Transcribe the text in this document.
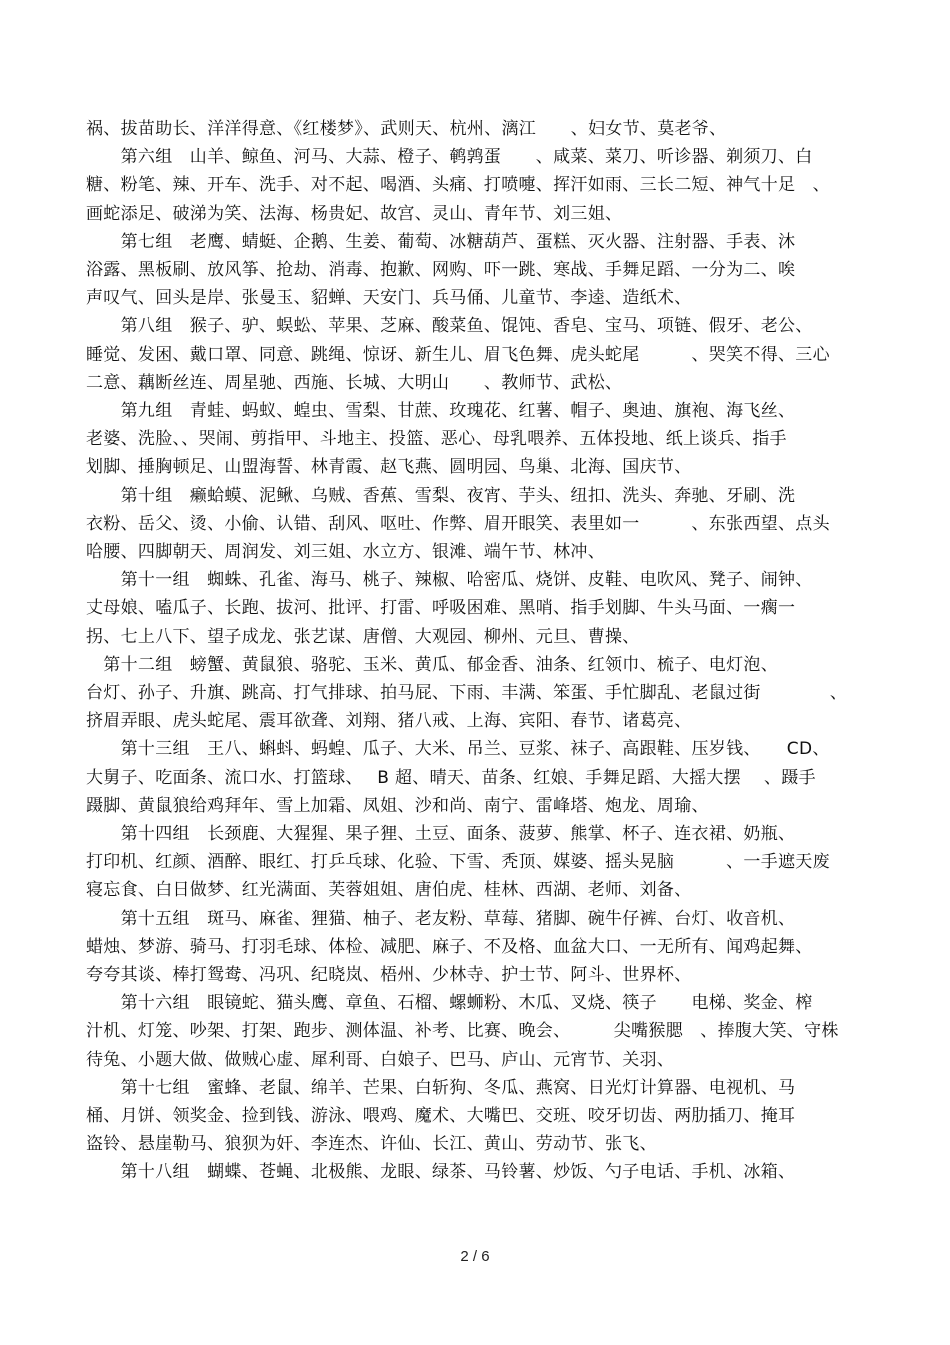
祸、拔苗助长、洋洋得意、《红楼梦》、武则天、杭州、漓江　　、妇女节、莫老爷、
　　第六组　山羊、鲸鱼、河马、大蒜、橙子、鹌鹑蛋　　、咸菜、菜刀、听诊器、剃须刀、白
糖、粉笔、辣、开车、洗手、对不起、喝酒、头痛、打喷嚏、挥汗如雨、三长二短、神气十足　、
画蛇添足、破涕为笑、法海、杨贵妃、故宫、灵山、青年节、刘三姐、
　　第七组　老鹰、蜻蜓、企鹅、生姜、葡萄、冰糖葫芦、蛋糕、灭火器、注射器、手表、沐
浴露、黑板刷、放风筝、抢劫、消毒、抱歉、网购、吓一跳、寒战、手舞足蹈、一分为二、唉
声叹气、回头是岸、张曼玉、貂蝉、天安门、兵马俑、儿童节、李逵、造纸术、
　　第八组　猴子、驴、蜈蚣、苹果、芝麻、酸菜鱼、馄饨、香皂、宝马、项链、假牙、老公、
睡觉、发困、戴口罩、同意、跳绳、惊讶、新生儿、眉飞色舞、虎头蛇尾　　　、哭笑不得、三心
二意、藕断丝连、周星驰、西施、长城、大明山　　、教师节、武松、
　　第九组　青蛙、蚂蚁、蝗虫、雪梨、甘蔗、玫瑰花、红薯、帽子、奥迪、旗袍、海飞丝、
老婆、洗脸、、哭闹、剪指甲、斗地主、投篮、恶心、母乳喂养、五体投地、纸上谈兵、指手
划脚、捶胸顿足、山盟海誓、林青霞、赵飞燕、圆明园、鸟巢、北海、国庆节、
　　第十组　癞蛤蟆、泥鳅、乌贼、香蕉、雪梨、夜宵、芋头、纽扣、洗头、奔驰、牙刷、洗
衣粉、岳父、烫、小偷、认错、刮风、呕吐、作弊、眉开眼笑、表里如一　　　、东张西望、点头
哈腰、四脚朝天、周润发、刘三姐、水立方、银滩、端午节、林冲、
　　第十一组　蜘蛛、孔雀、海马、桃子、辣椒、哈密瓜、烧饼、皮鞋、电吹风、凳子、闹钟、
丈母娘、嗑瓜子、长跑、拔河、批评、打雷、呼吸困难、黑哨、指手划脚、牛头马面、一瘸一
拐、七上八下、望子成龙、张艺谋、唐僧、大观园、柳州、元旦、曹操、
　第十二组　螃蟹、黄鼠狼、骆驼、玉米、黄瓜、郁金香、油条、红领巾、梳子、电灯泡、
台灯、孙子、升旗、跳高、打气排球、拍马屁、下雨、丰满、笨蛋、手忙脚乱、老鼠过街　　　　、
挤眉弄眼、虎头蛇尾、震耳欲聋、刘翔、猪八戒、上海、宾阳、春节、诸葛亮、
　　第十三组　王八、蝌蚪、蚂蝗、瓜子、大米、吊兰、豆浆、袜子、高跟鞋、压岁钱、　　CD、
大舅子、吃面条、流口水、打篮球、　 B 超、晴天、苗条、红娘、手舞足蹈、大摇大摆　 、蹑手
蹑脚、黄鼠狼给鸡拜年、雪上加霜、凤姐、沙和尚、南宁、雷峰塔、炮龙、周瑜、
　　第十四组　长颈鹿、大猩猩、果子狸、土豆、面条、菠萝、熊掌、杯子、连衣裙、奶瓶、
打印机、红颜、酒醉、眼红、打乒乓球、化验、下雪、秃顶、媒婆、摇头晃脑　　　、一手遮天废
寝忘食、白日做梦、红光满面、芙蓉姐姐、唐伯虎、桂林、西湖、老师、刘备、
　　第十五组　斑马、麻雀、狸猫、柚子、老友粉、草莓、猪脚、碗牛仔裤、台灯、收音机、
蜡烛、梦游、骑马、打羽毛球、体检、减肥、麻子、不及格、血盆大口、一无所有、闻鸡起舞、
夸夸其谈、棒打鸳鸯、冯巩、纪晓岚、梧州、少林寺、护士节、阿斗、世界杯、
　　第十六组　眼镜蛇、猫头鹰、章鱼、石榴、螺蛳粉、木瓜、叉烧、筷子　　电梯、奖金、榨
汁机、灯笼、吵架、打架、跑步、测体温、补考、比赛、晚会、　　　尖嘴猴腮　、捧腹大笑、守株
待兔、小题大做、做贼心虚、犀利哥、白娘子、巴马、庐山、元宵节、关羽、
　　第十七组　蜜蜂、老鼠、绵羊、芒果、白斩狗、冬瓜、燕窝、日光灯计算器、电视机、马
桶、月饼、领奖金、捡到钱、游泳、喂鸡、魔术、大嘴巴、交班、咬牙切齿、两肋插刀、掩耳
盗铃、悬崖勒马、狼狈为奸、李连杰、许仙、长江、黄山、劳动节、张飞、
　　第十八组　蝴蝶、苍蝇、北极熊、龙眼、绿茶、马铃薯、炒饭、勺子电话、手机、冰箱、
2 / 6
